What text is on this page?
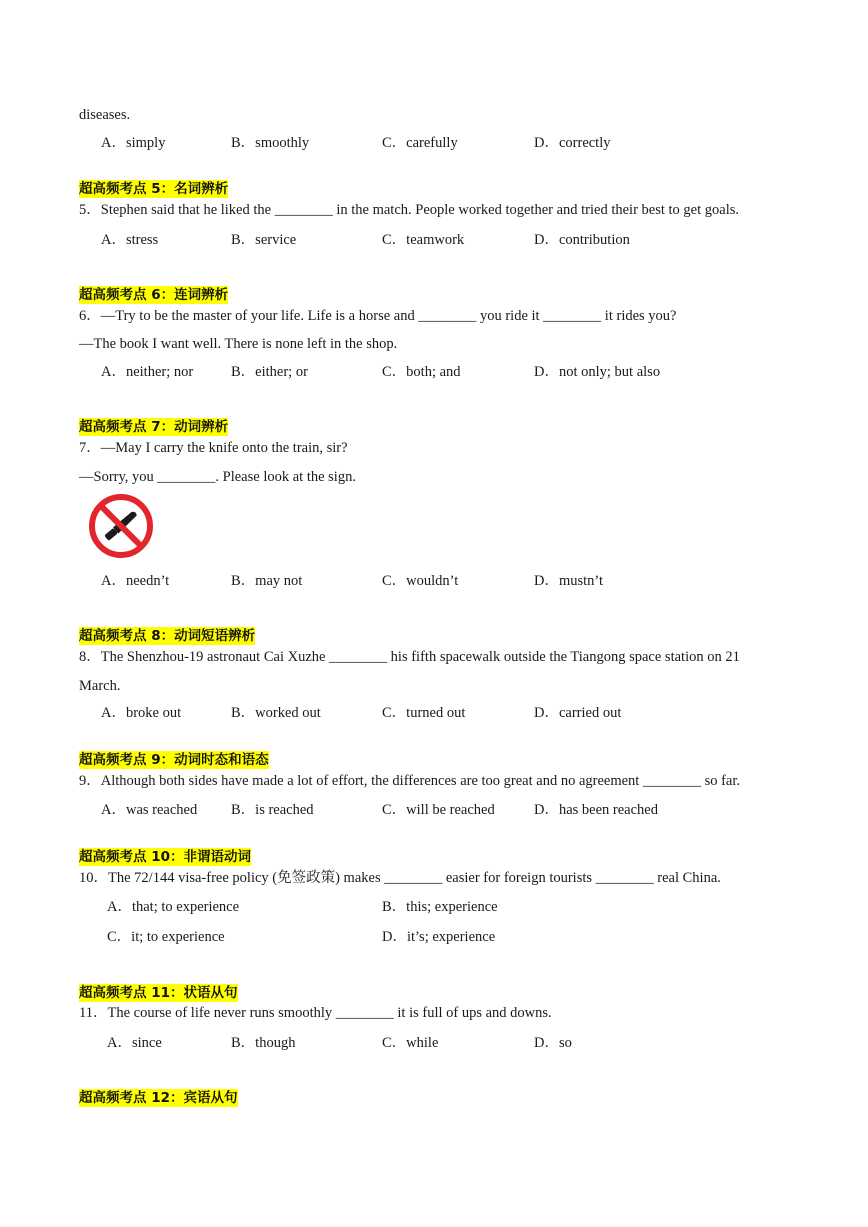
diseases.
A．simply	B．smoothly	C．carefully	D．correctly
超高频考点 5：名词辨析
5．Stephen said that he liked the ________ in the match. People worked together and tried their best to get goals.
A．stress	B．service	C．teamwork	D．contribution
超高频考点 6：连词辨析
6．—Try to be the master of your life. Life is a horse and ________ you ride it ________ it rides you?
—The book I want well. There is none left in the shop.
A．neither; nor	B．either; or	C．both; and	D．not only; but also
超高频考点 7：动词辨析
7．—May I carry the knife onto the train, sir?
—Sorry, you ________. Please look at the sign.
A．needn’t	B．may not	C．wouldn’t	D．mustn’t
超高频考点 8：动词短语辨析
8．The Shenzhou-19 astronaut Cai Xuzhe ________ his fifth spacewalk outside the Tiangong space station on 21
March.
A．broke out	B．worked out	C．turned out	D．carried out
超高频考点 9：动词时态和语态
9．Although both sides have made a lot of effort, the differences are too great and no agreement ________ so far.
A．was reached B．is reached	C．will be reached	D．has been reached
超高频考点 10：非谓语动词
10．The 72/144 visa-free policy (免签政策) makes ________ easier for foreign tourists ________ real China.
A．that; to experience	B．this; experience
C．it; to experience	D．it’s; experience
超高频考点 11：状语从句
11．The course of life never runs smoothly ________ it is full of ups and downs.
A．since	B．though	C．while	D．so
超高频考点 12：宾语从句
